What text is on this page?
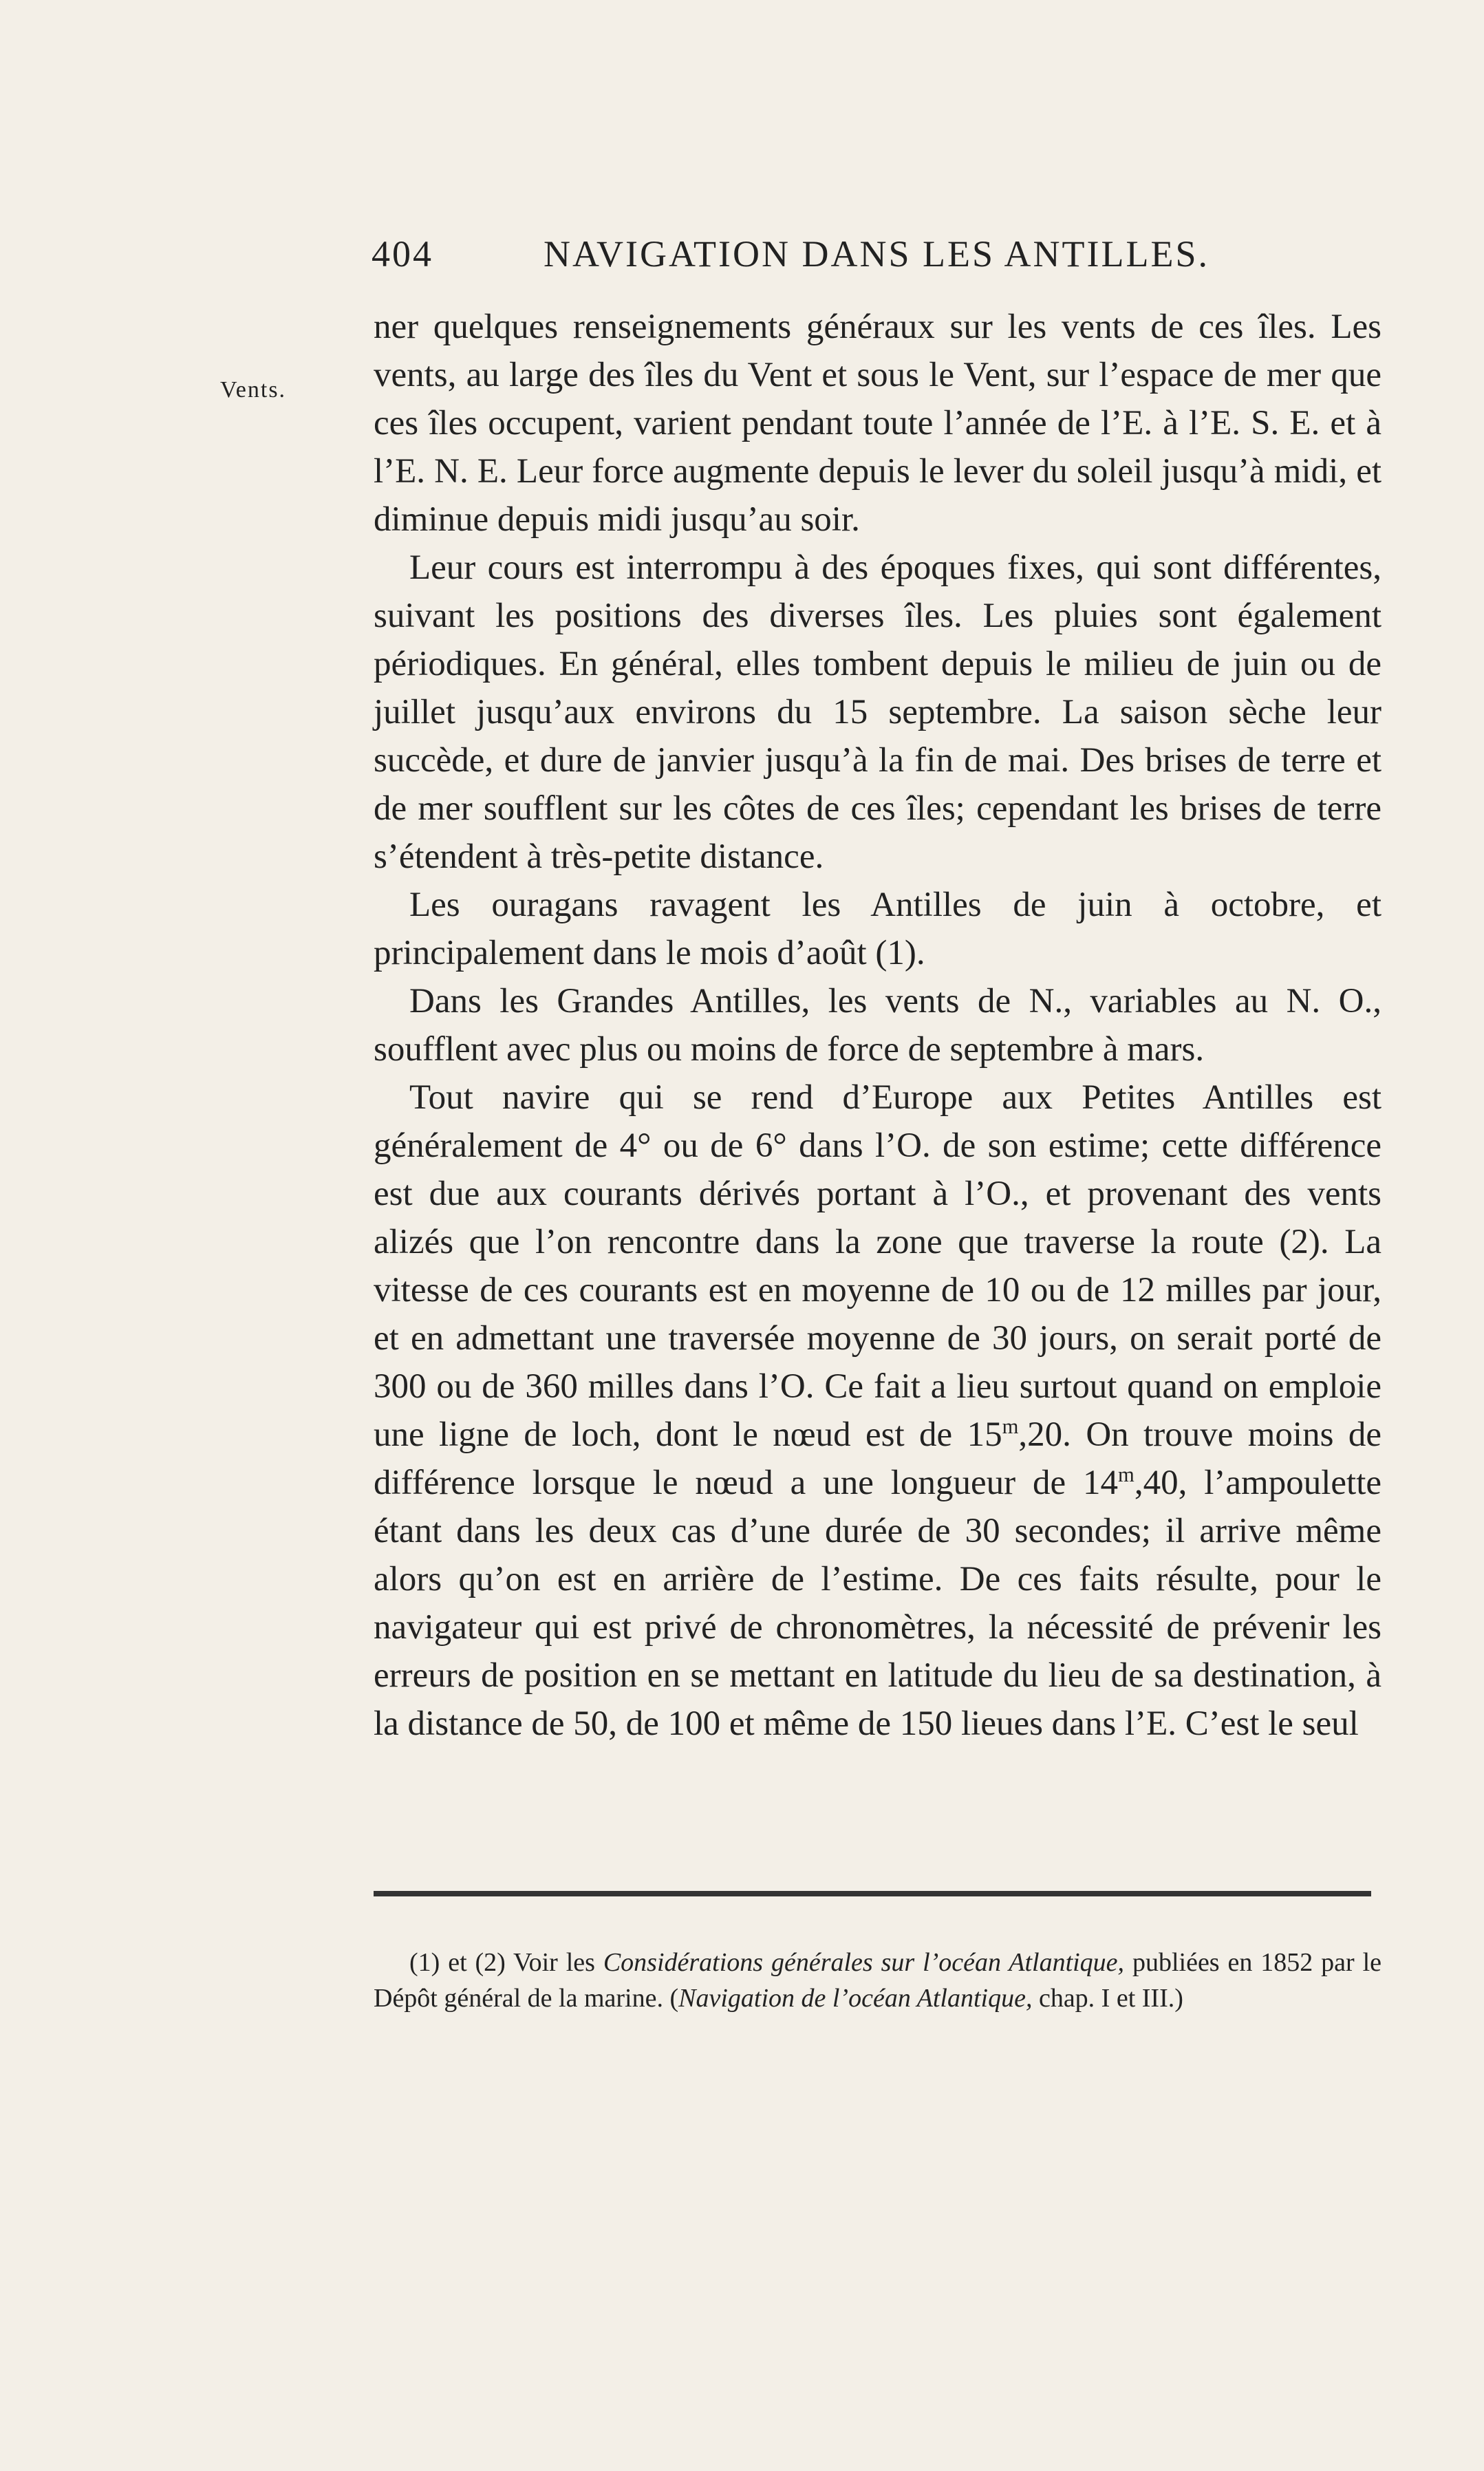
404	NAVIGATION DANS LES ANTILLES.
Vents.

ner quelques renseignements généraux sur les vents de ces îles. Les vents, au large des îles du Vent et sous le Vent, sur l’espace de mer que ces îles occupent, varient pendant toute l’année de l’E. à l’E. S. E. et à l’E. N. E. Leur force augmente depuis le lever du soleil jusqu’à midi, et diminue depuis midi jusqu’au soir.

Leur cours est interrompu à des époques fixes, qui sont différentes, suivant les positions des diverses îles. Les pluies sont également périodiques. En général, elles tombent depuis le milieu de juin ou de juillet jusqu’aux environs du 15 septembre. La saison sèche leur succède, et dure de janvier jusqu’à la fin de mai. Des brises de terre et de mer soufflent sur les côtes de ces îles; cependant les brises de terre s’étendent à très-petite distance.

Les ouragans ravagent les Antilles de juin à octobre, et principalement dans le mois d’août (1).

Dans les Grandes Antilles, les vents de N., variables au N. O., soufflent avec plus ou moins de force de septembre à mars.

Tout navire qui se rend d’Europe aux Petites Antilles est généralement de 4° ou de 6° dans l’O. de son estime; cette différence est due aux courants dérivés portant à l’O., et provenant des vents alizés que l’on rencontre dans la zone que traverse la route (2). La vitesse de ces courants est en moyenne de 10 ou de 12 milles par jour, et en admettant une traversée moyenne de 30 jours, on serait porté de 300 ou de 360 milles dans l’O. Ce fait a lieu surtout quand on emploie une ligne de loch, dont le nœud est de 15$^m$,20. On trouve moins de différence lorsque le nœud a une longueur de 14$^m$,40, l’ampoulette étant dans les deux cas d’une durée de 30 secondes; il arrive même alors qu’on est en arrière de l’estime. De ces faits résulte, pour le navigateur qui est privé de chronomètres, la nécessité de prévenir les erreurs de position en se mettant en latitude du lieu de sa destination, à la distance de 50, de 100 et même de 150 lieues dans l’E. C’est le seul

(1) et (2) Voir les Considérations générales sur l’océan Atlantique, publiées en 1852 par le Dépôt général de la marine. (Navigation de l’océan Atlantique, chap. I et III.)
